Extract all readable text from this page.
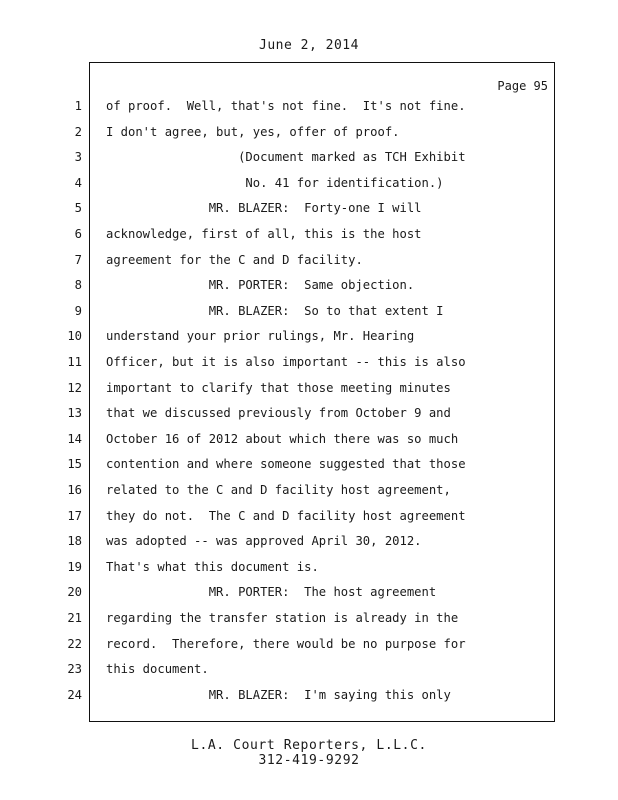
June 2, 2014
Page 95
1 of proof.  Well, that's not fine.  It's not fine.
2 I don't agree, but, yes, offer of proof.
3 (Document marked as TCH Exhibit
4 No. 41 for identification.)
5 MR. BLAZER:  Forty-one I will
6 acknowledge, first of all, this is the host
7 agreement for the C and D facility.
8 MR. PORTER:  Same objection.
9 MR. BLAZER:  So to that extent I
10 understand your prior rulings, Mr. Hearing
11 Officer, but it is also important -- this is also
12 important to clarify that those meeting minutes
13 that we discussed previously from October 9 and
14 October 16 of 2012 about which there was so much
15 contention and where someone suggested that those
16 related to the C and D facility host agreement,
17 they do not.  The C and D facility host agreement
18 was adopted -- was approved April 30, 2012.
19 That's what this document is.
20 MR. PORTER:  The host agreement
21 regarding the transfer station is already in the
22 record.  Therefore, there would be no purpose for
23 this document.
24 MR. BLAZER:  I'm saying this only
L.A. Court Reporters, L.L.C.
312-419-9292
